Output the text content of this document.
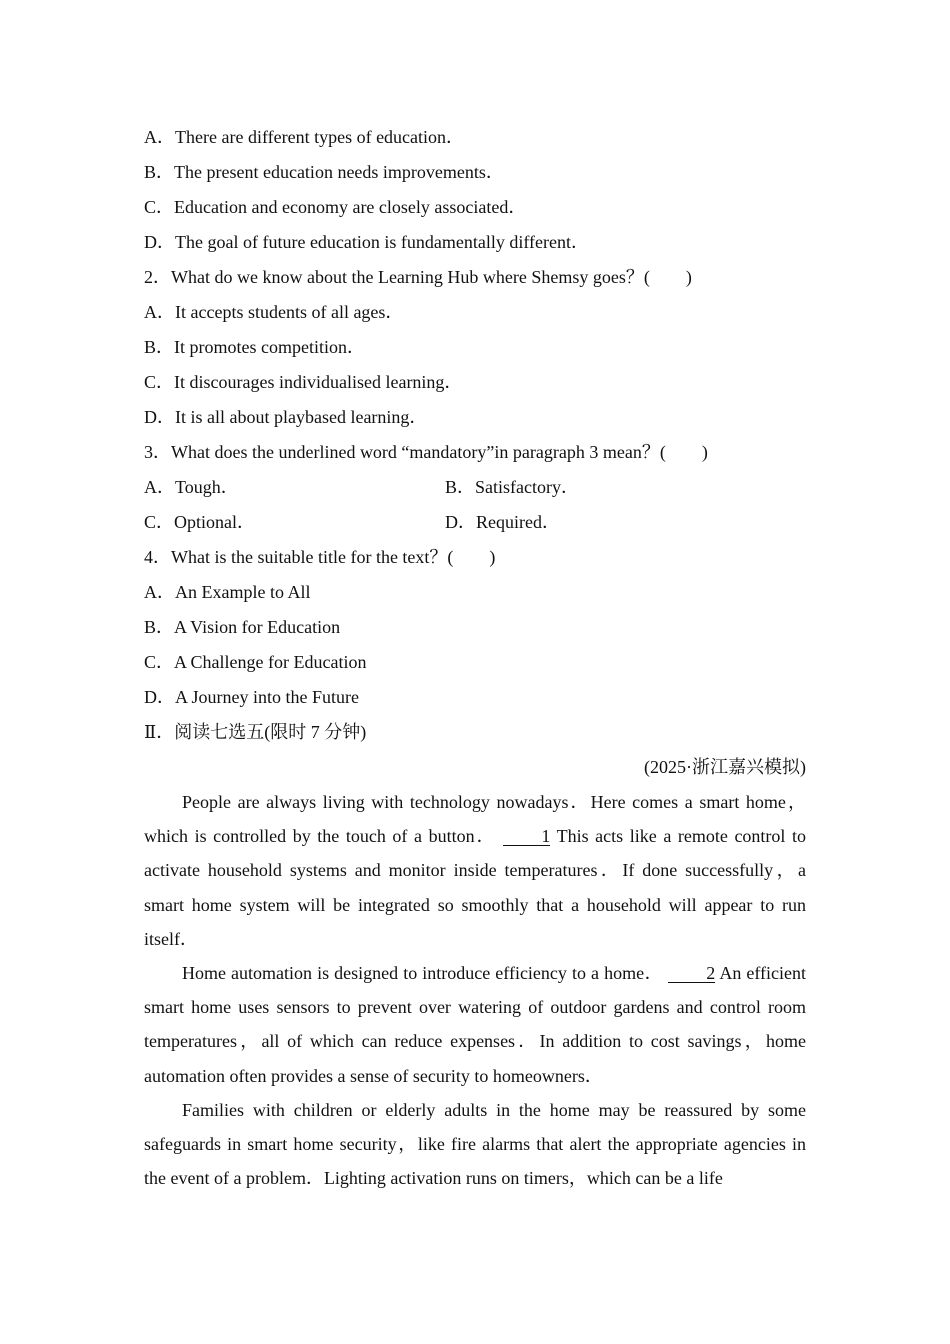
A．There are different types of education．
B．The present education needs improvements．
C．Education and economy are closely associated．
D．The goal of future education is fundamentally different．
2．What do we know about the Learning Hub where Shemsy goes？(　　)
A．It accepts students of all ages．
B．It promotes competition．
C．It discourages individualised learning．
D．It is all about playbased learning．
3．What does the underlined word “mandatory”in paragraph 3 mean？(　　)
A．Tough．	B．Satisfactory．
C．Optional．	D．Required．
4．What is the suitable title for the text？(　　)
A．An Example to All
B．A Vision for Education
C．A Challenge for Education
D．A Journey into the Future
Ⅱ．阅读七选五(限时 7 分钟)
(2025·浙江嘉兴模拟)

People are always living with technology nowadays．Here comes a smart home，which is controlled by the touch of a button． 1 This acts like a remote control to activate household systems and monitor inside temperatures．If done successfully，a smart home system will be integrated so smoothly that a household will appear to run itself．

Home automation is designed to introduce efficiency to a home． 2 An efficient smart home uses sensors to prevent over watering of outdoor gardens and control room temperatures，all of which can reduce expenses．In addition to cost savings，home automation often provides a sense of security to homeowners．

Families with children or elderly adults in the home may be reassured by some safeguards in smart home security，like fire alarms that alert the appropriate agencies in the event of a problem．Lighting activation runs on timers，which can be a life
